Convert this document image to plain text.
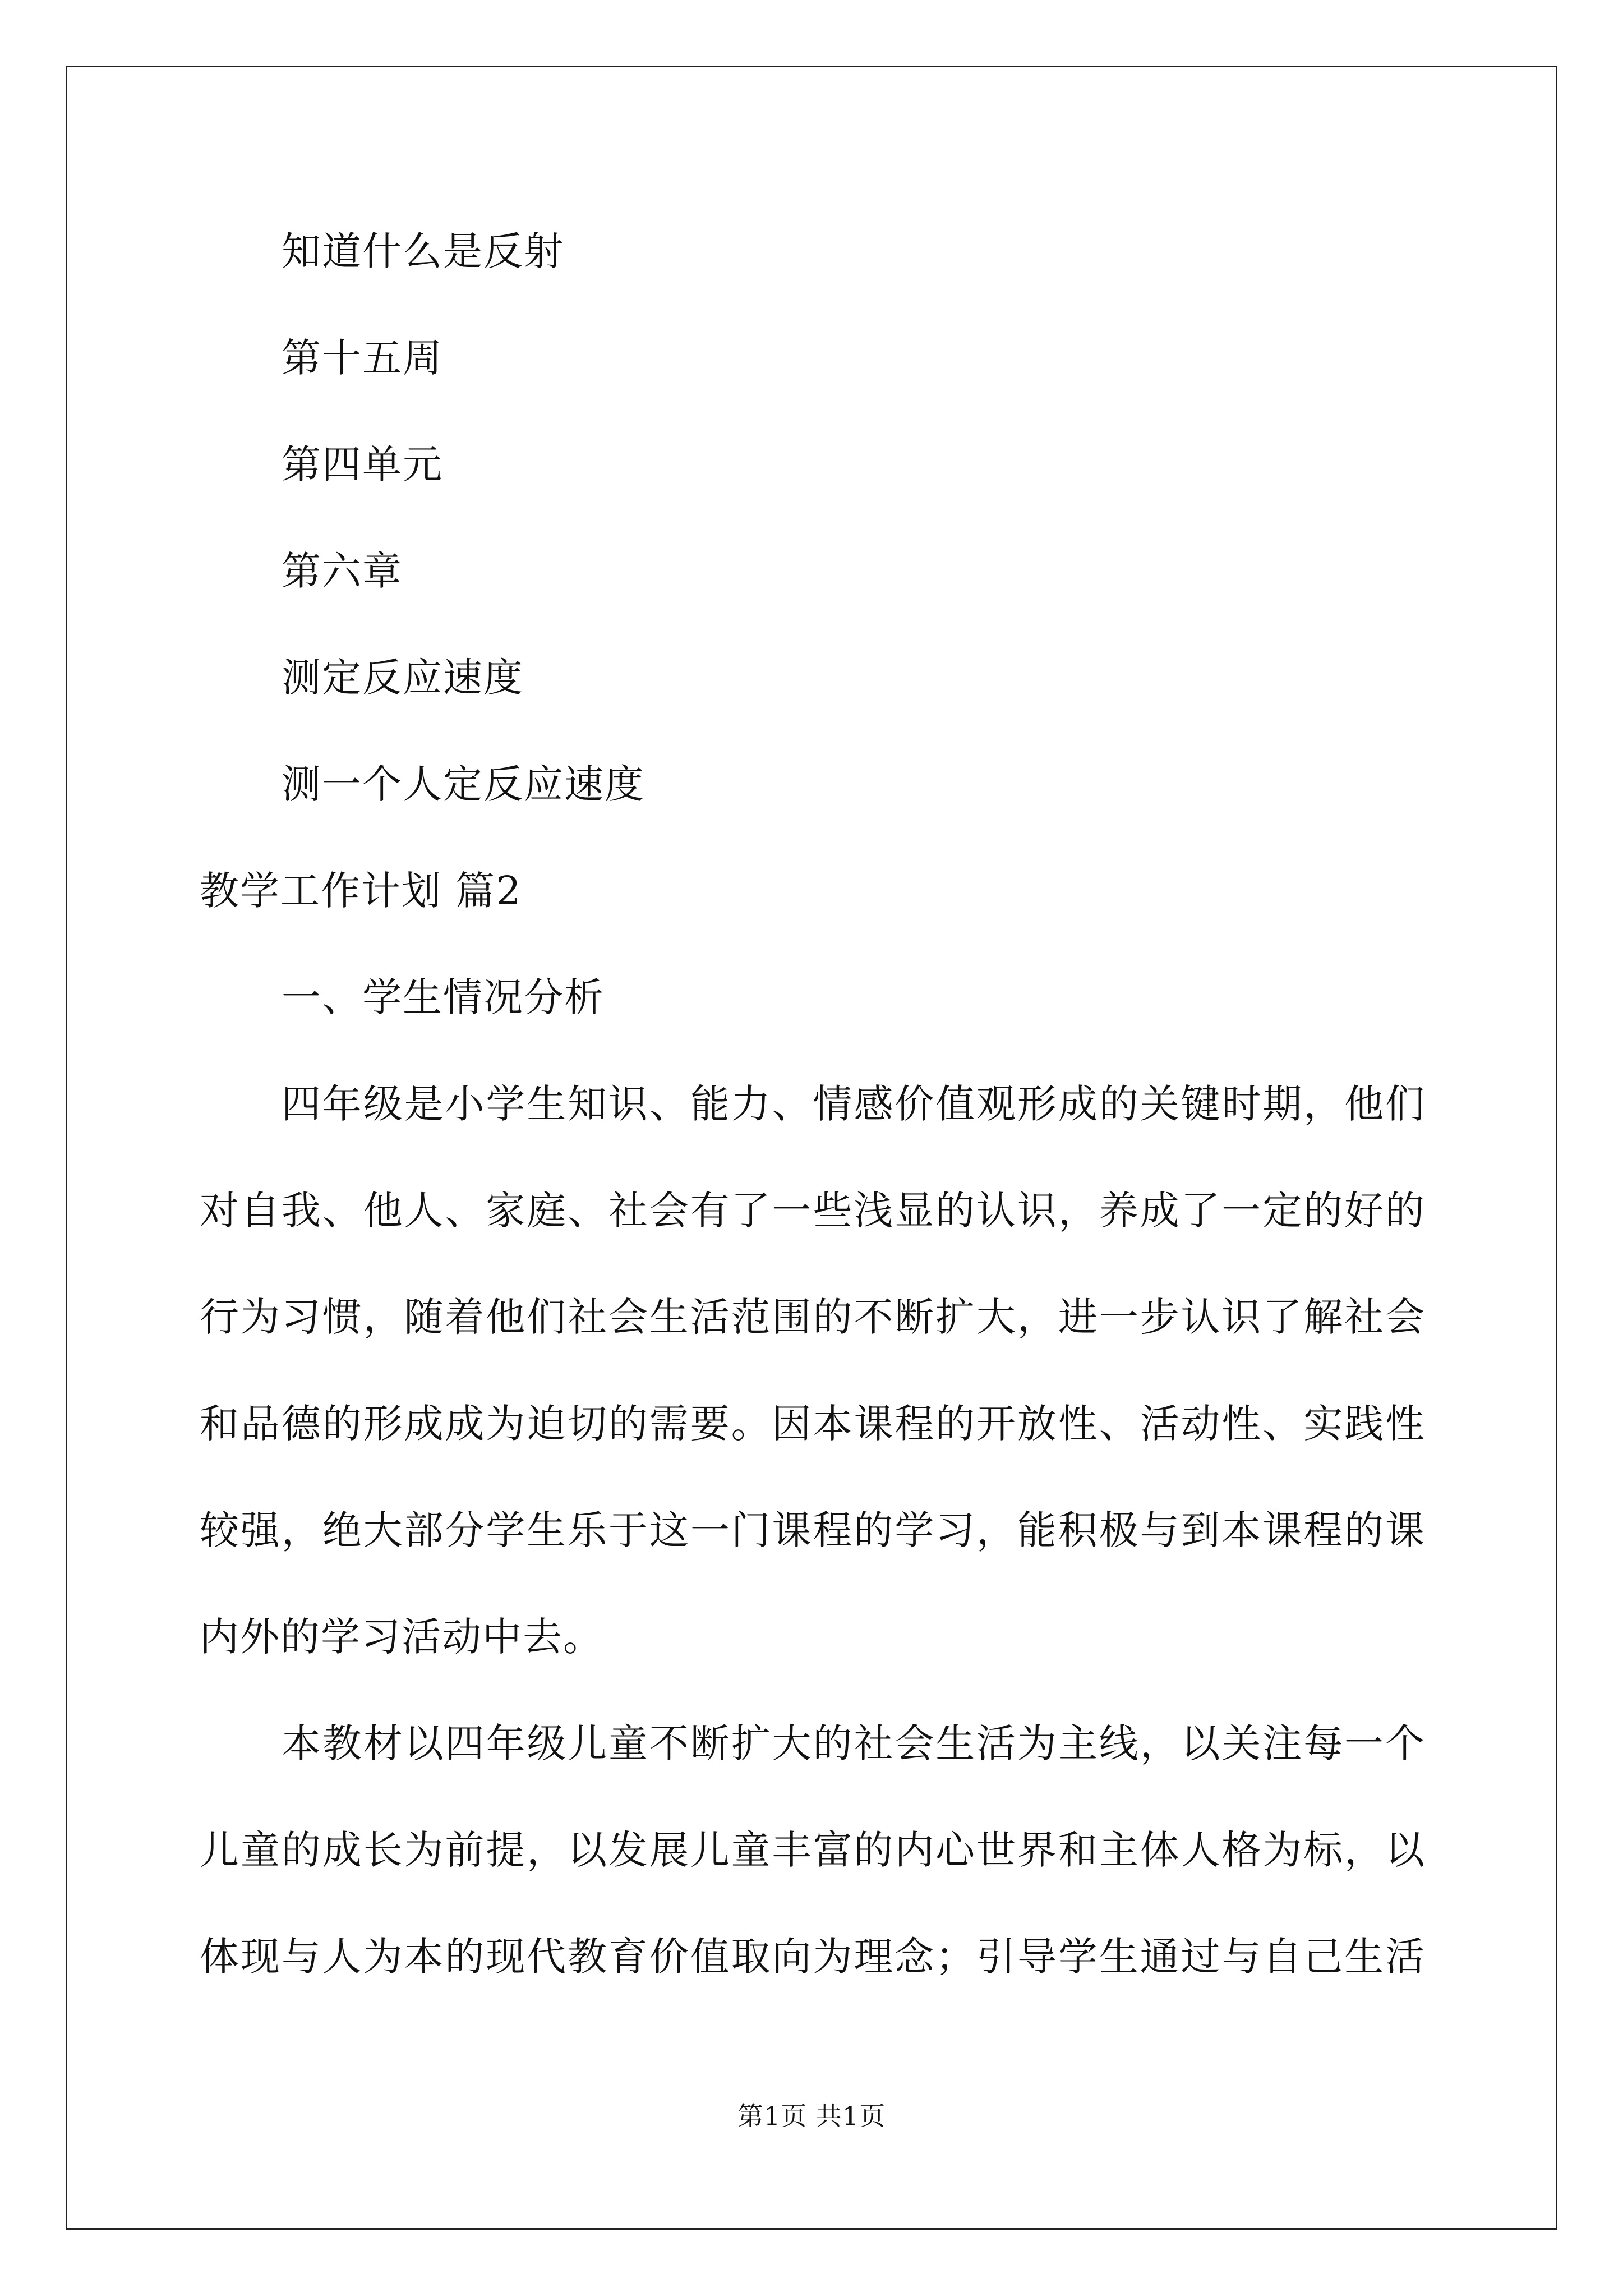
知道什么是反射
第十五周
第四单元
第六章
测定反应速度
测一个人定反应速度
教学工作计划 篇2
一、学生情况分析
四年级是小学生知识、能力、情感价值观形成的关键时期，他们
对自我、他人、家庭、社会有了一些浅显的认识，养成了一定的好的
行为习惯，随着他们社会生活范围的不断扩大，进一步认识了解社会
和品德的形成成为迫切的需要。因本课程的开放性、活动性、实践性
较强，绝大部分学生乐于这一门课程的学习，能积极与到本课程的课
内外的学习活动中去。
本教材以四年级儿童不断扩大的社会生活为主线，以关注每一个
儿童的成长为前提，以发展儿童丰富的内心世界和主体人格为标，以
体现与人为本的现代教育价值取向为理念；引导学生通过与自己生活
第1页 共1页
